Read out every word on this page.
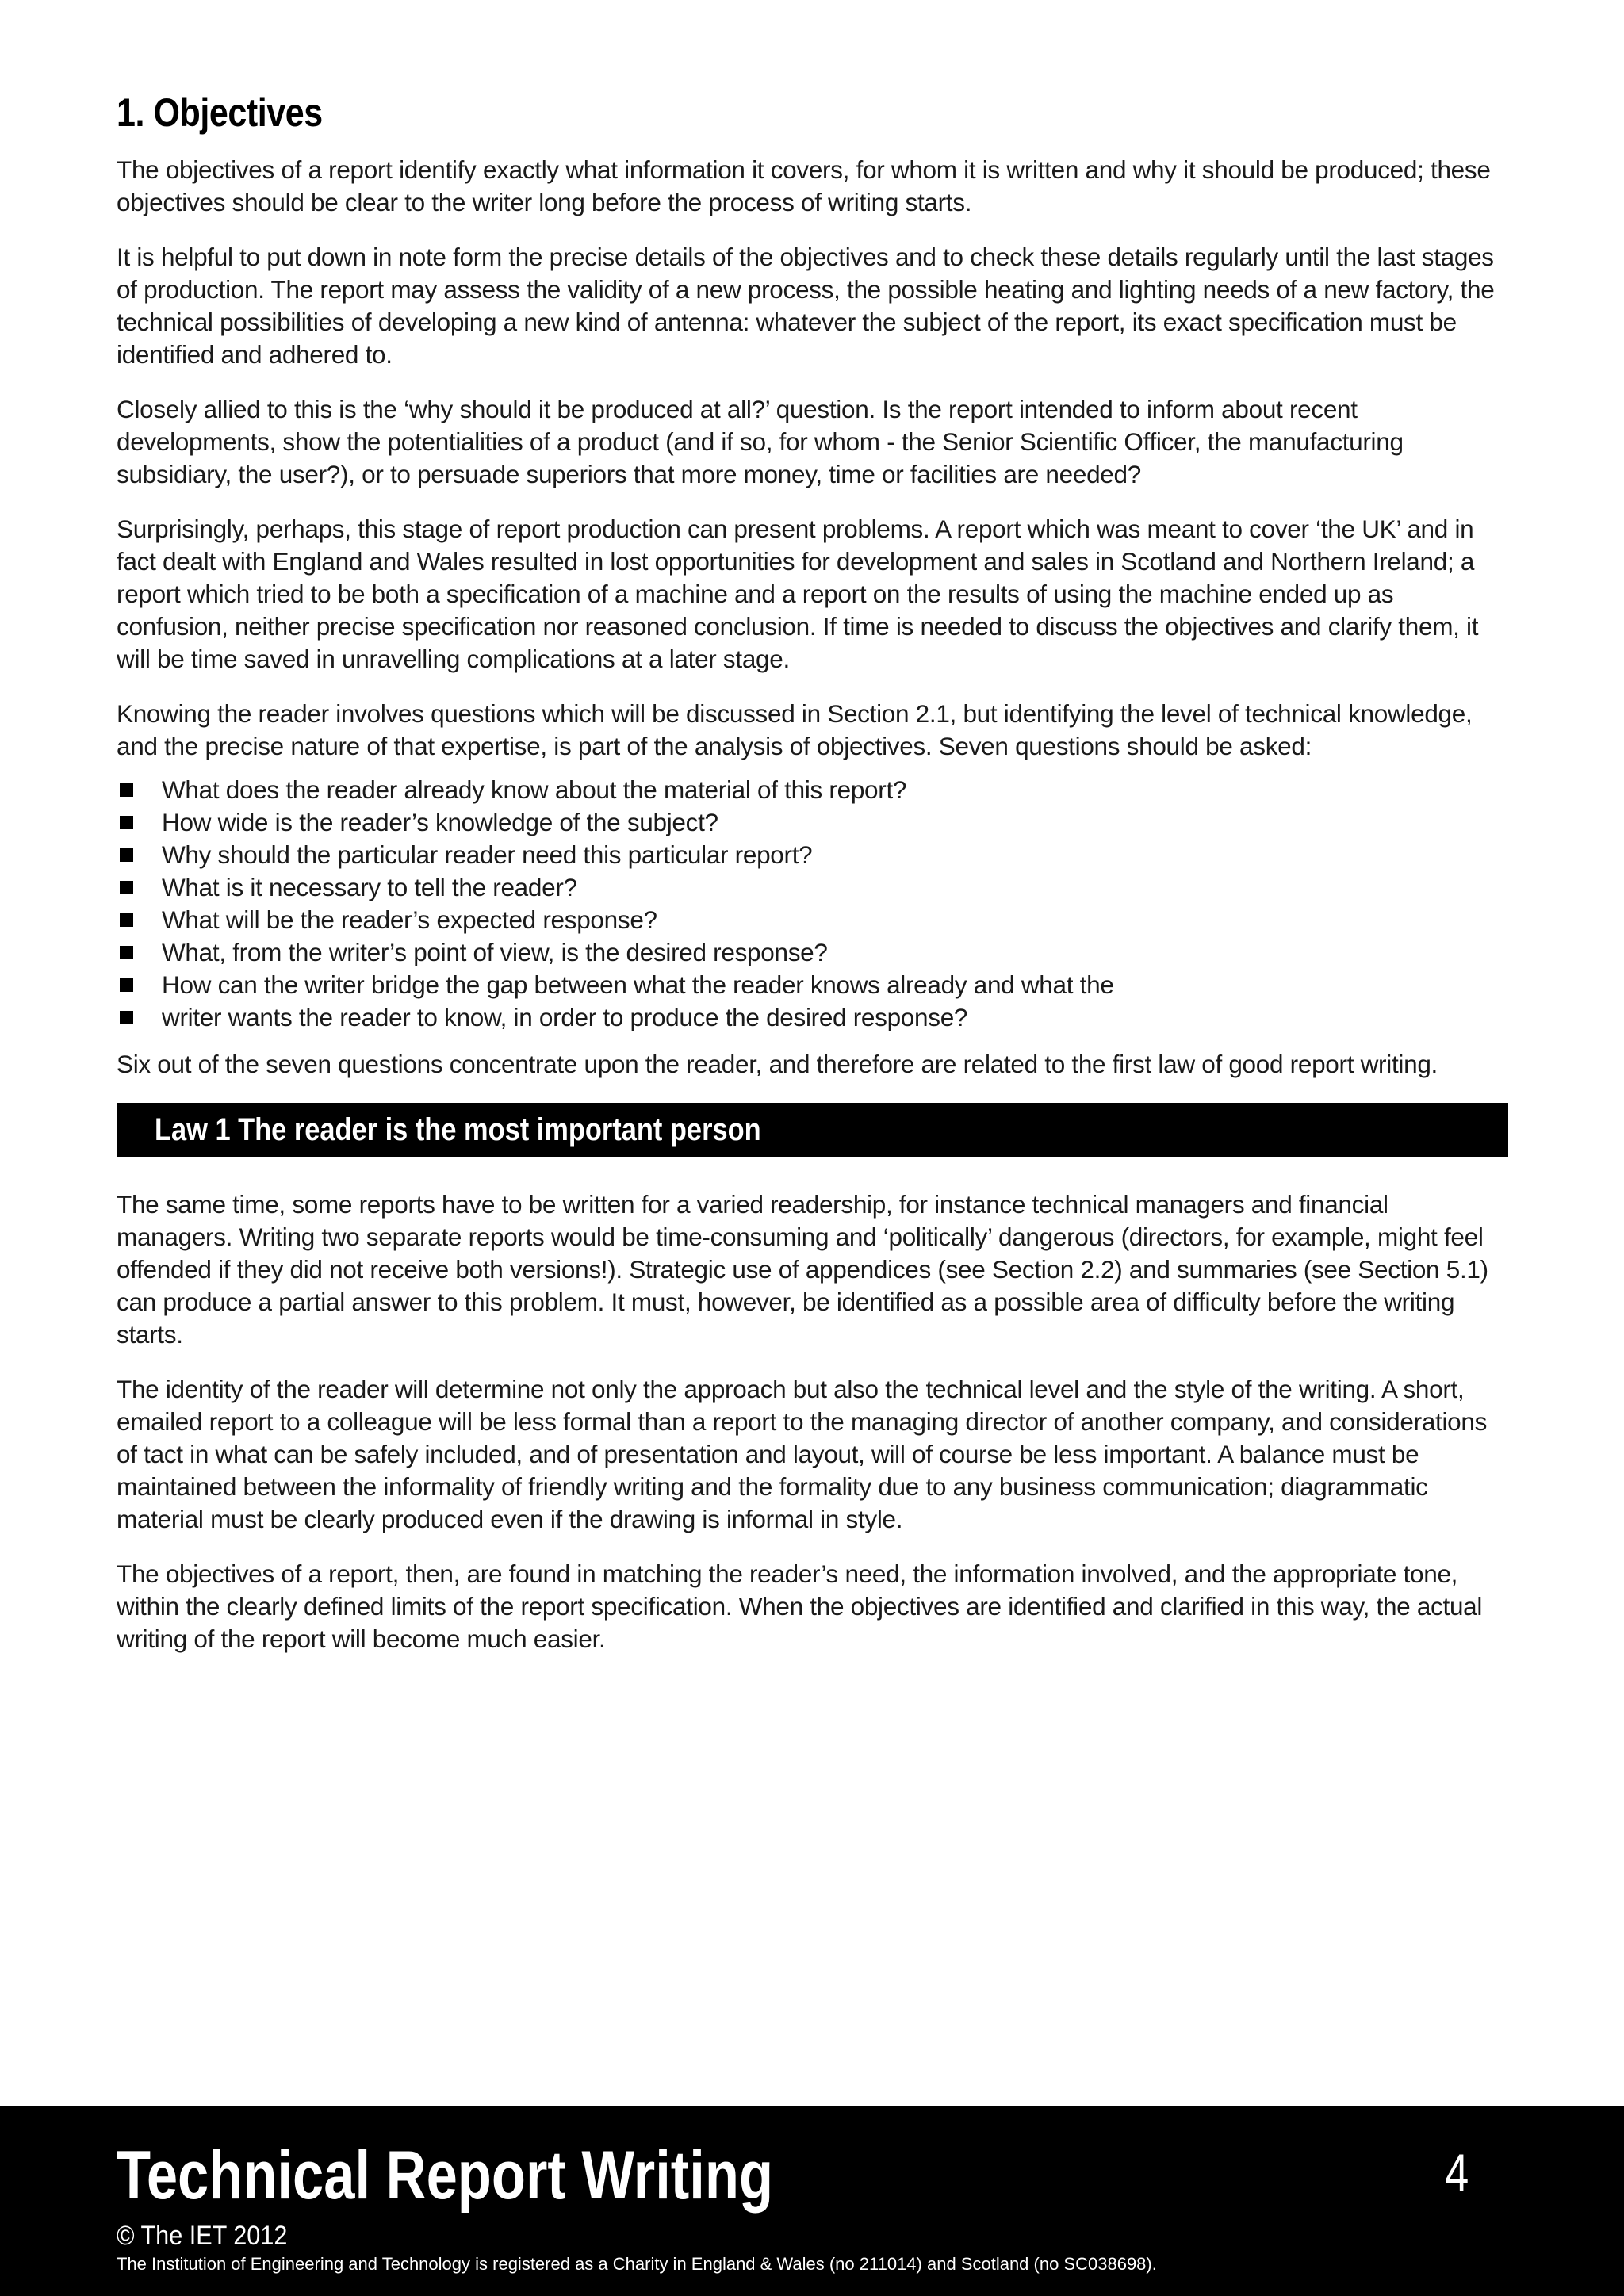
1. Objectives

The objectives of a report identify exactly what information it covers, for whom it is written and why it should be produced; these objectives should be clear to the writer long before the process of writing starts.

It is helpful to put down in note form the precise details of the objectives and to check these details regularly until the last stages of production. The report may assess the validity of a new process, the possible heating and lighting needs of a new factory, the technical possibilities of developing a new kind of antenna: whatever the subject of the report, its exact specification must be identified and adhered to.

Closely allied to this is the ‘why should it be produced at all?’ question. Is the report intended to inform about recent developments, show the potentialities of a product (and if so, for whom - the Senior Scientific Officer, the manufacturing subsidiary, the user?), or to persuade superiors that more money, time or facilities are needed?

Surprisingly, perhaps, this stage of report production can present problems. A report which was meant to cover ‘the UK’ and in fact dealt with England and Wales resulted in lost opportunities for development and sales in Scotland and Northern Ireland; a report which tried to be both a specification of a machine and a report on the results of using the machine ended up as confusion, neither precise specification nor reasoned conclusion. If time is needed to discuss the objectives and clarify them, it will be time saved in unravelling complications at a later stage.

Knowing the reader involves questions which will be discussed in Section 2.1, but identifying the level of technical knowledge, and the precise nature of that expertise, is part of the analysis of objectives. Seven questions should be asked:

What does the reader already know about the material of this report?
How wide is the reader’s knowledge of the subject?
Why should the particular reader need this particular report?
What is it necessary to tell the reader?
What will be the reader’s expected response?
What, from the writer’s point of view, is the desired response?
How can the writer bridge the gap between what the reader knows already and what the
writer wants the reader to know, in order to produce the desired response?

Six out of the seven questions concentrate upon the reader, and therefore are related to the first law of good report writing.

Law 1 The reader is the most important person

The same time, some reports have to be written for a varied readership, for instance technical managers and financial managers. Writing two separate reports would be time-consuming and ‘politically’ dangerous (directors, for example, might feel offended if they did not receive both versions!). Strategic use of appendices (see Section 2.2) and summaries (see Section 5.1) can produce a partial answer to this problem. It must, however, be identified as a possible area of difficulty before the writing starts.

The identity of the reader will determine not only the approach but also the technical level and the style of the writing. A short, emailed report to a colleague will be less formal than a report to the managing director of another company, and considerations of tact in what can be safely included, and of presentation and layout, will of course be less important. A balance must be maintained between the informality of friendly writing and the formality due to any business communication; diagrammatic material must be clearly produced even if the drawing is informal in style.

The objectives of a report, then, are found in matching the reader’s need, the information involved, and the appropriate tone, within the clearly defined limits of the report specification. When the objectives are identified and clarified in this way, the actual writing of the report will become much easier.

Technical Report Writing	4
© The IET 2012
The Institution of Engineering and Technology is registered as a Charity in England & Wales (no 211014) and Scotland (no SC038698).
